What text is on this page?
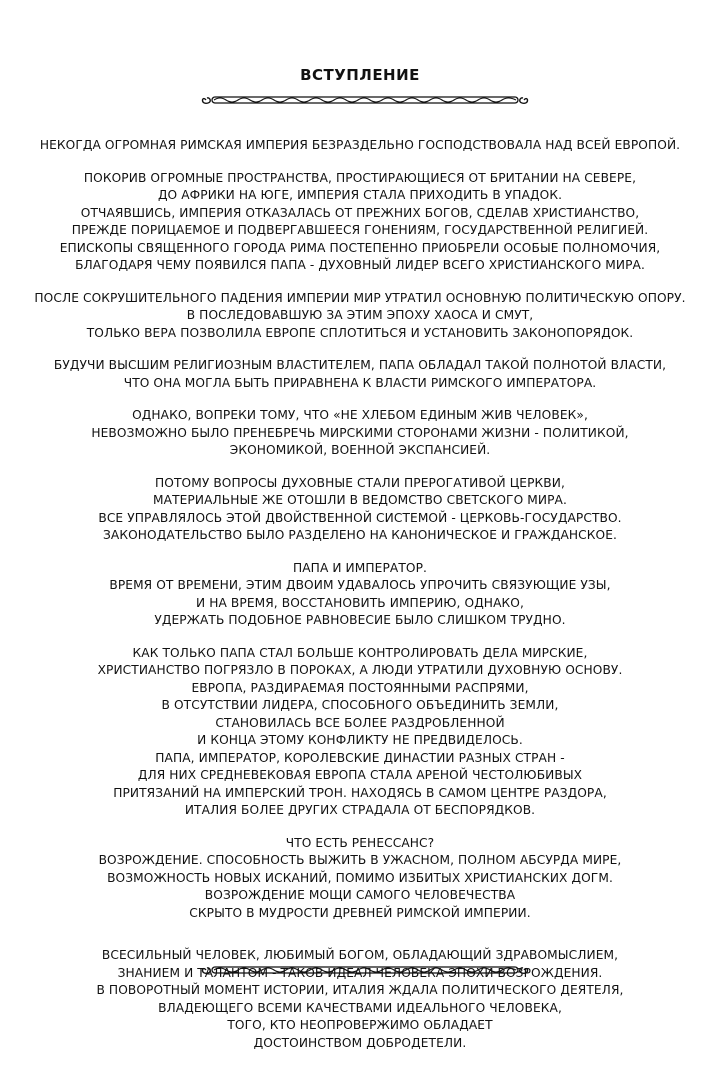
ВСТУПЛЕНИЕ

НЕКОГДА ОГРОМНАЯ РИМСКАЯ ИМПЕРИЯ БЕЗРАЗДЕЛЬНО ГОСПОДСТВОВАЛА НАД ВСЕЙ ЕВРОПОЙ.

ПОКОРИВ ОГРОМНЫЕ ПРОСТРАНСТВА, ПРОСТИРАЮЩИЕСЯ ОТ БРИТАНИИ НА СЕВЕРЕ,
ДО АФРИКИ НА ЮГЕ, ИМПЕРИЯ СТАЛА ПРИХОДИТЬ В УПАДОК.
ОТЧАЯВШИСЬ, ИМПЕРИЯ ОТКАЗАЛАСЬ ОТ ПРЕЖНИХ БОГОВ, СДЕЛАВ ХРИСТИАНСТВО,
ПРЕЖДЕ ПОРИЦАЕМОЕ И ПОДВЕРГАВШЕЕСЯ ГОНЕНИЯМ, ГОСУДАРСТВЕННОЙ РЕЛИГИЕЙ.
ЕПИСКОПЫ СВЯЩЕННОГО ГОРОДА РИМА ПОСТЕПЕННО ПРИОБРЕЛИ ОСОБЫЕ ПОЛНОМОЧИЯ,
БЛАГОДАРЯ ЧЕМУ ПОЯВИЛСЯ ПАПА - ДУХОВНЫЙ ЛИДЕР ВСЕГО ХРИСТИАНСКОГО МИРА.

ПОСЛЕ СОКРУШИТЕЛЬНОГО ПАДЕНИЯ ИМПЕРИИ МИР УТРАТИЛ ОСНОВНУЮ ПОЛИТИЧЕСКУЮ ОПОРУ.
В ПОСЛЕДОВАВШУЮ ЗА ЭТИМ ЭПОХУ ХАОСА И СМУТ,
ТОЛЬКО ВЕРА ПОЗВОЛИЛА ЕВРОПЕ СПЛОТИТЬСЯ И УСТАНОВИТЬ ЗАКОНОПОРЯДОК.

БУДУЧИ ВЫСШИМ РЕЛИГИОЗНЫМ ВЛАСТИТЕЛЕМ, ПАПА ОБЛАДАЛ ТАКОЙ ПОЛНОТОЙ ВЛАСТИ,
ЧТО ОНА МОГЛА БЫТЬ ПРИРАВНЕНА К ВЛАСТИ РИМСКОГО ИМПЕРАТОРА.

ОДНАКО, ВОПРЕКИ ТОМУ, ЧТО «НЕ ХЛЕБОМ ЕДИНЫМ ЖИВ ЧЕЛОВЕК»,
НЕВОЗМОЖНО БЫЛО ПРЕНЕБРЕЧЬ МИРСКИМИ СТОРОНАМИ ЖИЗНИ - ПОЛИТИКОЙ,
ЭКОНОМИКОЙ, ВОЕННОЙ ЭКСПАНСИЕЙ.

ПОТОМУ ВОПРОСЫ ДУХОВНЫЕ СТАЛИ ПРЕРОГАТИВОЙ ЦЕРКВИ,
МАТЕРИАЛЬНЫЕ ЖЕ ОТОШЛИ В ВЕДОМСТВО СВЕТСКОГО МИРА.
ВСЕ УПРАВЛЯЛОСЬ ЭТОЙ ДВОЙСТВЕННОЙ СИСТЕМОЙ - ЦЕРКОВЬ-ГОСУДАРСТВО.
ЗАКОНОДАТЕЛЬСТВО БЫЛО РАЗДЕЛЕНО НА КАНОНИЧЕСКОЕ И ГРАЖДАНСКОЕ.

ПАПА И ИМПЕРАТОР.
ВРЕМЯ ОТ ВРЕМЕНИ, ЭТИМ ДВОИМ УДАВАЛОСЬ УПРОЧИТЬ СВЯЗУЮЩИЕ УЗЫ,
И НА ВРЕМЯ, ВОССТАНОВИТЬ ИМПЕРИЮ, ОДНАКО,
УДЕРЖАТЬ ПОДОБНОЕ РАВНОВЕСИЕ БЫЛО СЛИШКОМ ТРУДНО.

КАК ТОЛЬКО ПАПА СТАЛ БОЛЬШЕ КОНТРОЛИРОВАТЬ ДЕЛА МИРСКИЕ,
ХРИСТИАНСТВО ПОГРЯЗЛО В ПОРОКАХ, А ЛЮДИ УТРАТИЛИ ДУХОВНУЮ ОСНОВУ.
ЕВРОПА, РАЗДИРАЕМАЯ ПОСТОЯННЫМИ РАСПРЯМИ,
В ОТСУТСТВИИ ЛИДЕРА, СПОСОБНОГО ОБЪЕДИНИТЬ ЗЕМЛИ,
СТАНОВИЛАСЬ ВСЕ БОЛЕЕ РАЗДРОБЛЕННОЙ
И КОНЦА ЭТОМУ КОНФЛИКТУ НЕ ПРЕДВИДЕЛОСЬ.
ПАПА, ИМПЕРАТОР, КОРОЛЕВСКИЕ ДИНАСТИИ РАЗНЫХ СТРАН -
ДЛЯ НИХ СРЕДНЕВЕКОВАЯ ЕВРОПА СТАЛА АРЕНОЙ ЧЕСТОЛЮБИВЫХ
ПРИТЯЗАНИЙ НА ИМПЕРСКИЙ ТРОН. НАХОДЯСЬ В САМОМ ЦЕНТРЕ РАЗДОРА,
ИТАЛИЯ БОЛЕЕ ДРУГИХ СТРАДАЛА ОТ БЕСПОРЯДКОВ.

ЧТО ЕСТЬ РЕНЕССАНС?
ВОЗРОЖДЕНИЕ. СПОСОБНОСТЬ ВЫЖИТЬ В УЖАСНОМ, ПОЛНОМ АБСУРДА МИРЕ,
ВОЗМОЖНОСТЬ НОВЫХ ИСКАНИЙ, ПОМИМО ИЗБИТЫХ ХРИСТИАНСКИХ ДОГМ.
ВОЗРОЖДЕНИЕ МОЩИ САМОГО ЧЕЛОВЕЧЕСТВА
СКРЫТО В МУДРОСТИ ДРЕВНЕЙ РИМСКОЙ ИМПЕРИИ.

ВСЕСИЛЬНЫЙ ЧЕЛОВЕК, ЛЮБИМЫЙ БОГОМ, ОБЛАДАЮЩИЙ ЗДРАВОМЫСЛИЕМ,
ЗНАНИЕМ И ТАЛАНТОМ - ТАКОВ ИДЕАЛ ЧЕЛОВЕКА ЭПОХИ ВОЗРОЖДЕНИЯ.
В ПОВОРОТНЫЙ МОМЕНТ ИСТОРИИ, ИТАЛИЯ ЖДАЛА ПОЛИТИЧЕСКОГО ДЕЯТЕЛЯ,
ВЛАДЕЮЩЕГО ВСЕМИ КАЧЕСТВАМИ ИДЕАЛЬНОГО ЧЕЛОВЕКА,
ТОГО, КТО НЕОПРОВЕРЖИМО ОБЛАДАЕТ
ДОСТОИНСТВОМ ДОБРОДЕТЕЛИ.
